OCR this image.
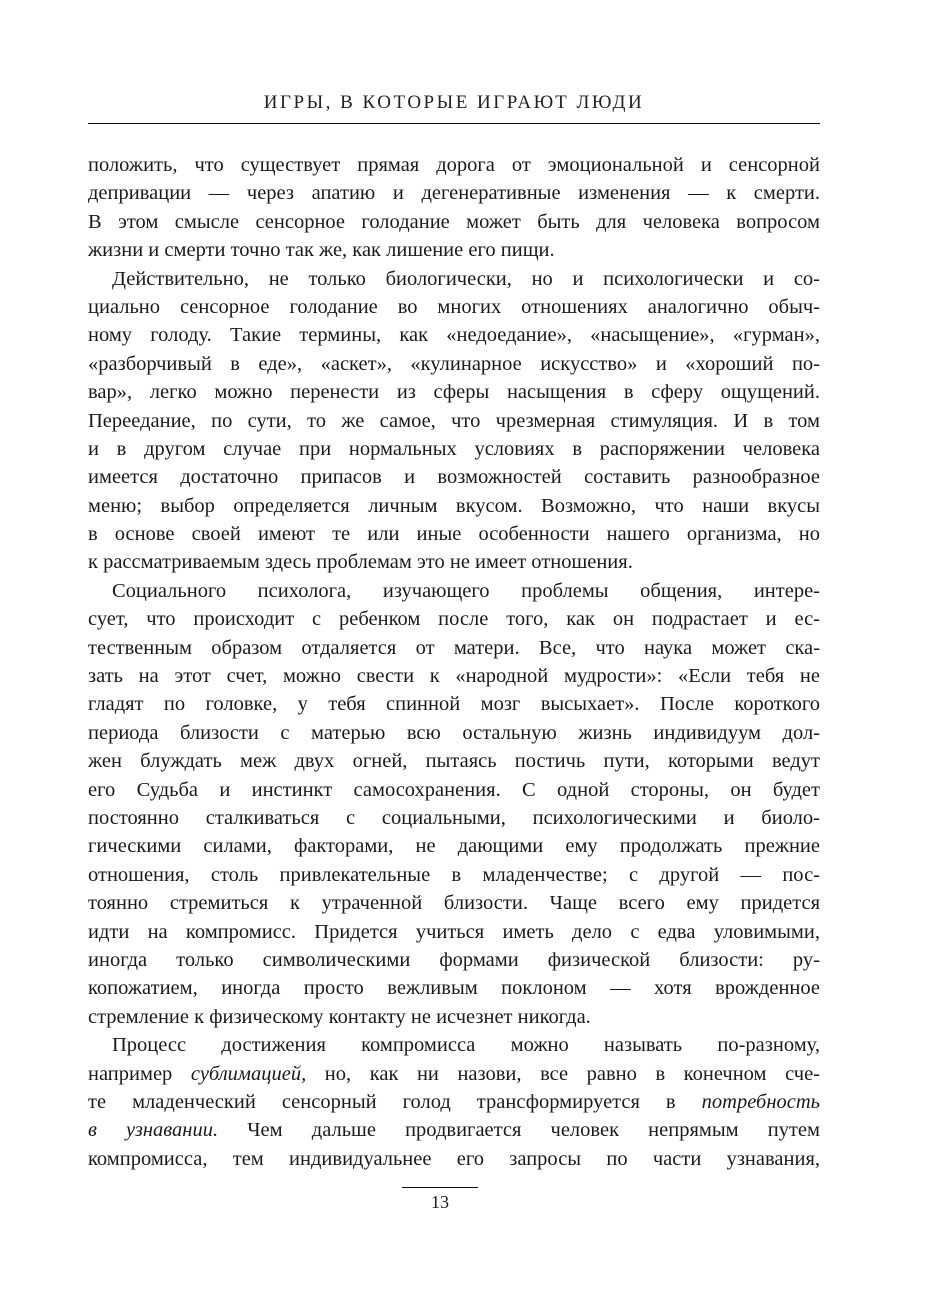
ИГРЫ, В КОТОРЫЕ ИГРАЮТ ЛЮДИ
положить, что существует прямая дорога от эмоциональной и сенсорной
депривации — через апатию и дегенеративные изменения — к смерти.
В этом смысле сенсорное голодание может быть для человека вопросом
жизни и смерти точно так же, как лишение его пищи.
Действительно, не только биологически, но и психологически и со-
циально сенсорное голодание во многих отношениях аналогично обыч-
ному голоду. Такие термины, как «недоедание», «насыщение», «гурман»,
«разборчивый в еде», «аскет», «кулинарное искусство» и «хороший по-
вар», легко можно перенести из сферы насыщения в сферу ощущений.
Переедание, по сути, то же самое, что чрезмерная стимуляция. И в том
и в другом случае при нормальных условиях в распоряжении человека
имеется достаточно припасов и возможностей составить разнообразное
меню; выбор определяется личным вкусом. Возможно, что наши вкусы
в основе своей имеют те или иные особенности нашего организма, но
к рассматриваемым здесь проблемам это не имеет отношения.
Социального психолога, изучающего проблемы общения, интере-
сует, что происходит с ребенком после того, как он подрастает и ес-
тественным образом отдаляется от матери. Все, что наука может ска-
зать на этот счет, можно свести к «народной мудрости»: «Если тебя не
гладят по головке, у тебя спинной мозг высыхает». После короткого
периода близости с матерью всю остальную жизнь индивидуум дол-
жен блуждать меж двух огней, пытаясь постичь пути, которыми ведут
его Судьба и инстинкт самосохранения. С одной стороны, он будет
постоянно сталкиваться с социальными, психологическими и биоло-
гическими силами, факторами, не дающими ему продолжать прежние
отношения, столь привлекательные в младенчестве; с другой — пос-
тоянно стремиться к утраченной близости. Чаще всего ему придется
идти на компромисс. Придется учиться иметь дело с едва уловимыми,
иногда только символическими формами физической близости: ру-
копожатием, иногда просто вежливым поклоном — хотя врожденное
стремление к физическому контакту не исчезнет никогда.
Процесс достижения компромисса можно называть по-разному,
например сублимацией, но, как ни назови, все равно в конечном сче-
те младенческий сенсорный голод трансформируется в потребность
в узнавании. Чем дальше продвигается человек непрямым путем
компромисса, тем индивидуальнее его запросы по части узнавания,
13
